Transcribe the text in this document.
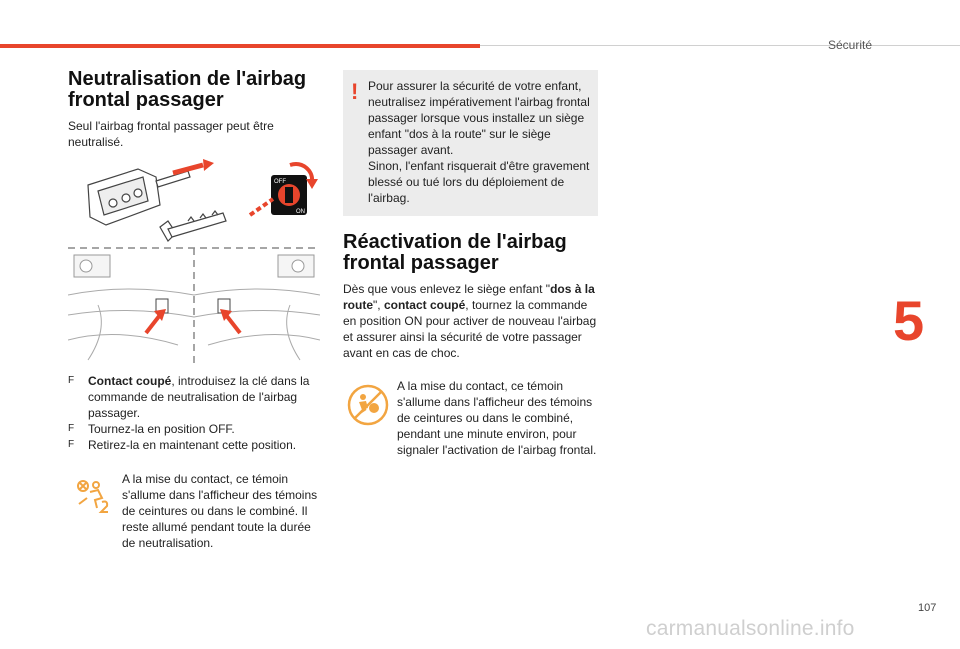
Sécurité
5
107
Neutralisation de l'airbag
frontal passager

Seul l'airbag frontal passager peut être neutralisé.

OFF
ON
F Contact coupé, introduisez la clé dans la commande de neutralisation de l'airbag passager.
F Tournez-la en position OFF.
F Retirez-la en maintenant cette position.

A la mise du contact, ce témoin s'allume dans l'afficheur des témoins de ceintures ou dans le combiné. Il reste allumé pendant toute la durée de neutralisation.

! Pour assurer la sécurité de votre enfant, neutralisez impérativement l'airbag frontal passager lorsque vous installez un siège enfant "dos à la route" sur le siège passager avant.

Sinon, l'enfant risquerait d'être gravement blessé ou tué lors du déploiement de l'airbag.

Réactivation de l'airbag
frontal passager

Dès que vous enlevez le siège enfant "dos à la route", contact coupé, tournez la commande en position ON pour activer de nouveau l'airbag et assurer ainsi la sécurité de votre passager avant en cas de choc.

A la mise du contact, ce témoin s'allume dans l'afficheur des témoins de ceintures ou dans le combiné, pendant une minute environ, pour signaler l'activation de l'airbag frontal.

carmanualsonline.info
